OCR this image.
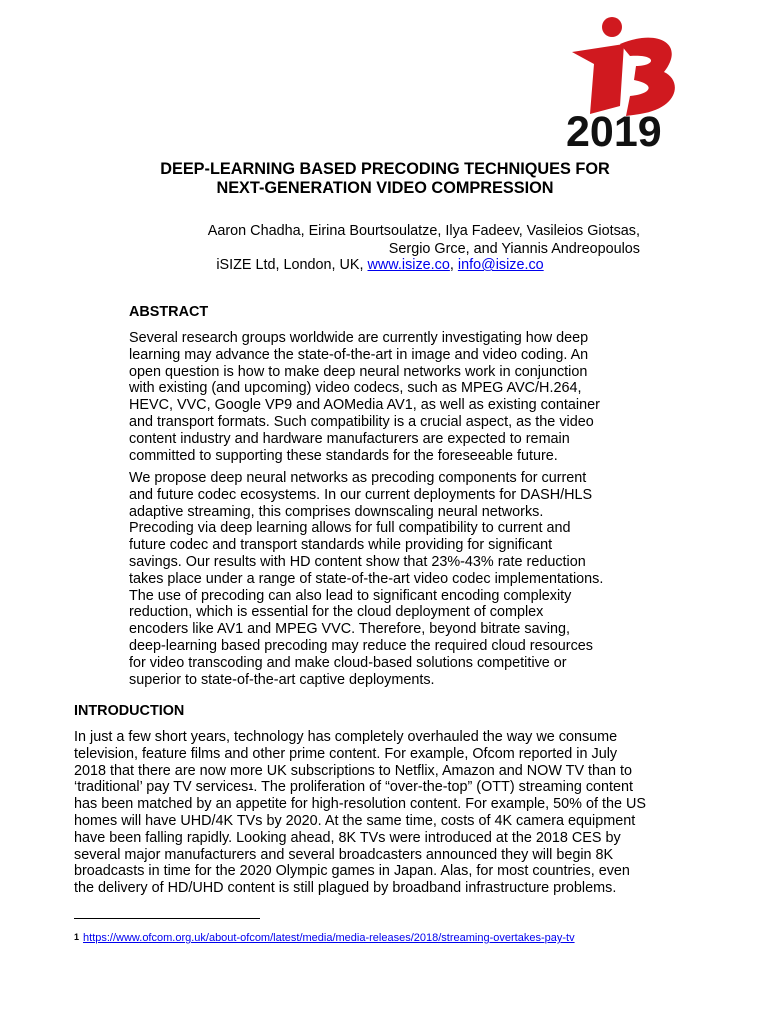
2019
DEEP-LEARNING BASED PRECODING TECHNIQUES FOR
NEXT-GENERATION VIDEO COMPRESSION
Aaron Chadha, Eirina Bourtsoulatze, Ilya Fadeev, Vasileios Giotsas,
Sergio Grce, and Yiannis Andreopoulos
iSIZE Ltd, London, UK, www.isize.co, info@isize.co
ABSTRACT
Several research groups worldwide are currently investigating how deep
learning may advance the state-of-the-art in image and video coding. An
open question is how to make deep neural networks work in conjunction
with existing (and upcoming) video codecs, such as MPEG AVC/H.264,
HEVC, VVC, Google VP9 and AOMedia AV1, as well as existing container
and transport formats. Such compatibility is a crucial aspect, as the video
content industry and hardware manufacturers are expected to remain
committed to supporting these standards for the foreseeable future.
We propose deep neural networks as precoding components for current
and future codec ecosystems. In our current deployments for DASH/HLS
adaptive streaming, this comprises downscaling neural networks.
Precoding via deep learning allows for full compatibility to current and
future codec and transport standards while providing for significant
savings. Our results with HD content show that 23%-43% rate reduction
takes place under a range of state-of-the-art video codec implementations.
The use of precoding can also lead to significant encoding complexity
reduction, which is essential for the cloud deployment of complex
encoders like AV1 and MPEG VVC. Therefore, beyond bitrate saving,
deep-learning based precoding may reduce the required cloud resources
for video transcoding and make cloud-based solutions competitive or
superior to state-of-the-art captive deployments.
INTRODUCTION
In just a few short years, technology has completely overhauled the way we consume
television, feature films and other prime content. For example, Ofcom reported in July
2018 that there are now more UK subscriptions to Netflix, Amazon and NOW TV than to
‘traditional’ pay TV services$^1$. The proliferation of “over-the-top” (OTT) streaming content
has been matched by an appetite for high-resolution content. For example, 50% of the US
homes will have UHD/4K TVs by 2020. At the same time, costs of 4K camera equipment
have been falling rapidly. Looking ahead, 8K TVs were introduced at the 2018 CES by
several major manufacturers and several broadcasters announced they will begin 8K
broadcasts in time for the 2020 Olympic games in Japan. Alas, for most countries, even
the delivery of HD/UHD content is still plagued by broadband infrastructure problems.
$^1$ https://www.ofcom.org.uk/about-ofcom/latest/media/media-releases/2018/streaming-overtakes-pay-tv
